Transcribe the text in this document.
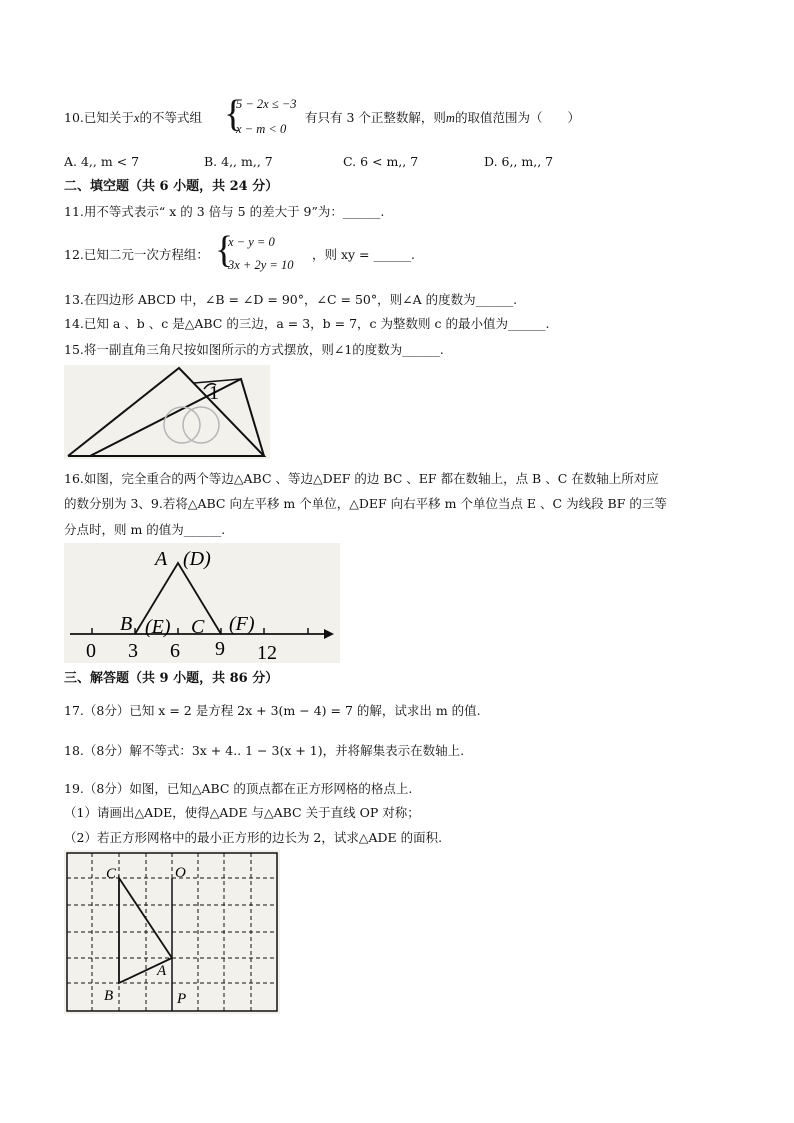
10.已知关于x的不等式组 {
5 − 2x ≤ −3
x − m < 0
有只有 3 个正整数解，则m的取值范围为（　　）
A. 4,, m < 7	B. 4,, m,, 7	C. 6 < m,, 7	D. 6,, m,, 7
二、填空题（共 6 小题，共 24 分）
11.用不等式表示“ x 的 3 倍与 5 的差大于 9”为：______.
12.已知二元一次方程组： {
x − y = 0
3x + 2y = 10
，则 xy = ______.
13.在四边形 ABCD 中，∠B = ∠D = 90°，∠C = 50°，则∠A 的度数为______.
14.已知 a 、b 、c 是△ABC 的三边，a = 3，b = 7，c 为整数则 c 的最小值为______.
15.将一副直角三角尺按如图所示的方式摆放，则∠1的度数为______.
1
16.如图，完全重合的两个等边△ABC 、等边△DEF 的边 BC 、EF 都在数轴上，点 B 、C 在数轴上所对应
的数分别为 3、9.若将△ABC 向左平移 m 个单位，△DEF 向右平移 m 个单位当点 E 、C 为线段 BF 的三等
分点时，则 m 的值为______.
A (D)
B (E) C (F)
0 3 6 9 12
三、解答题（共 9 小题，共 86 分）
17.（8分）已知 x = 2 是方程 2x + 3(m − 4) = 7 的解，试求出 m 的值.
18.（8分）解不等式：3x + 4.. 1 − 3(x + 1)，并将解集表示在数轴上.
19.（8分）如图，已知△ABC 的顶点都在正方形网格的格点上.
（1）请画出△ADE，使得△ADE 与△ABC 关于直线 OP 对称；
（2）若正方形网格中的最小正方形的边长为 2，试求△ADE 的面积.
C	O
A
B	P
